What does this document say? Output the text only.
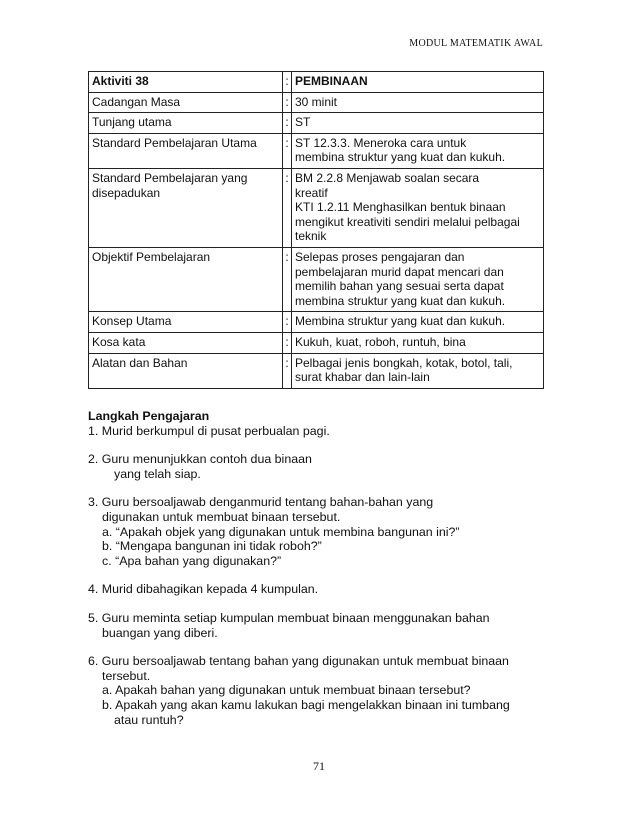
MODUL MATEMATIK AWAL
Aktiviti 38	:	PEMBINAAN

Cadangan Masa	:	30 minit

Tunjang utama	:	ST

Standard Pembelajaran Utama	:	ST 12.3.3. Meneroka cara untuk
membina struktur yang kuat dan kukuh.

Standard Pembelajaran yang disepadukan	:	BM 2.2.8 Menjawab soalan secara
kreatif
KTI 1.2.11 Menghasilkan bentuk binaan
mengikut kreativiti sendiri melalui pelbagai
teknik

Objektif Pembelajaran	:	Selepas proses pengajaran dan
pembelajaran murid dapat mencari dan
memilih bahan yang sesuai serta dapat
membina struktur yang kuat dan kukuh.

Konsep Utama	:	Membina struktur yang kuat dan kukuh.

Kosa kata	:	Kukuh, kuat, roboh, runtuh, bina

Alatan dan Bahan	:	Pelbagai jenis bongkah, kotak, botol, tali,
surat khabar dan lain-lain

Langkah Pengajaran

1. Murid berkumpul di pusat perbualan pagi.

2. Guru menunjukkan contoh dua binaan

yang telah siap.

3. Guru bersoaljawab denganmurid tentang bahan-bahan yang

digunakan untuk membuat binaan tersebut.

a. “Apakah objek yang digunakan untuk membina bangunan ini?”

b. “Mengapa bangunan ini tidak roboh?”

c. “Apa bahan yang digunakan?”

4. Murid dibahagikan kepada 4 kumpulan.

5. Guru meminta setiap kumpulan membuat binaan menggunakan bahan

buangan yang diberi.

6. Guru bersoaljawab tentang bahan yang digunakan untuk membuat binaan

tersebut.

a. Apakah bahan yang digunakan untuk membuat binaan tersebut?

b. Apakah yang akan kamu lakukan bagi mengelakkan binaan ini tumbang

atau runtuh?

71
